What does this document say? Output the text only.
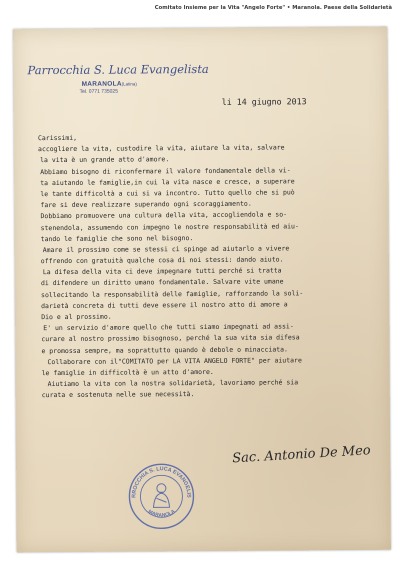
Comitato Insieme per la Vita "Angelo Forte" • Maranola. Paese della Solidarietà
Parrocchia S. Luca Evangelista
MARANOLA (Latina)
Tel. 0771 735025
li 14 giugno 2013
Carissimi,
accogliere la vita, custodire la vita, aiutare la vita, salvare
la vita è un grande atto d'amore.
Abbiamo bisogno di riconfermare il valore fondamentale della vi-
ta aiutando le famiglie,in cui la vita nasce e cresce, a superare
le tante difficoltà a cui si va incontro. Tutto quello che si può
fare si deve realizzare superando ogni scoraggiamento.
Dobbiamo promuovere una cultura della vita, accogliendola e so-
stenendola, assumendo con impegno le nostre responsabilità ed aiu-
tando le famiglie che sono nel bisogno.
Amare il prossimo come se stessi ci spinge ad aiutarlo a vivere
offrendo con gratuità qualche cosa di noi stessi: dando aiuto.
La difesa della vita ci deve impegnare tutti perché si tratta
di difendere un diritto umano fondamentale. Salvare vite umane
sollecitando la responsabilità delle famiglie, rafforzando la soli-
darietà concreta di tutti deve essere il nostro atto di amore a
Dio e al prossimo.
E' un servizio d'amore quello che tutti siamo impegnati ad assi-
curare al nostro prossimo bisognoso, perché la sua vita sia difesa
e promossa sempre, ma soprattutto quando è debole o minacciata.
Collaborare con il"COMITATO per LA VITA ANGELO FORTE" per aiutare
le famiglie in difficoltà è un atto d'amore.
Aiutiamo la vita con la nostra solidarietà, lavoriamo perché sia
curata e sostenuta nelle sue necessità.
Sac. Antonio De Meo
PARROCCHIA S. LUCA EVANGELISTA
MARANOLA
